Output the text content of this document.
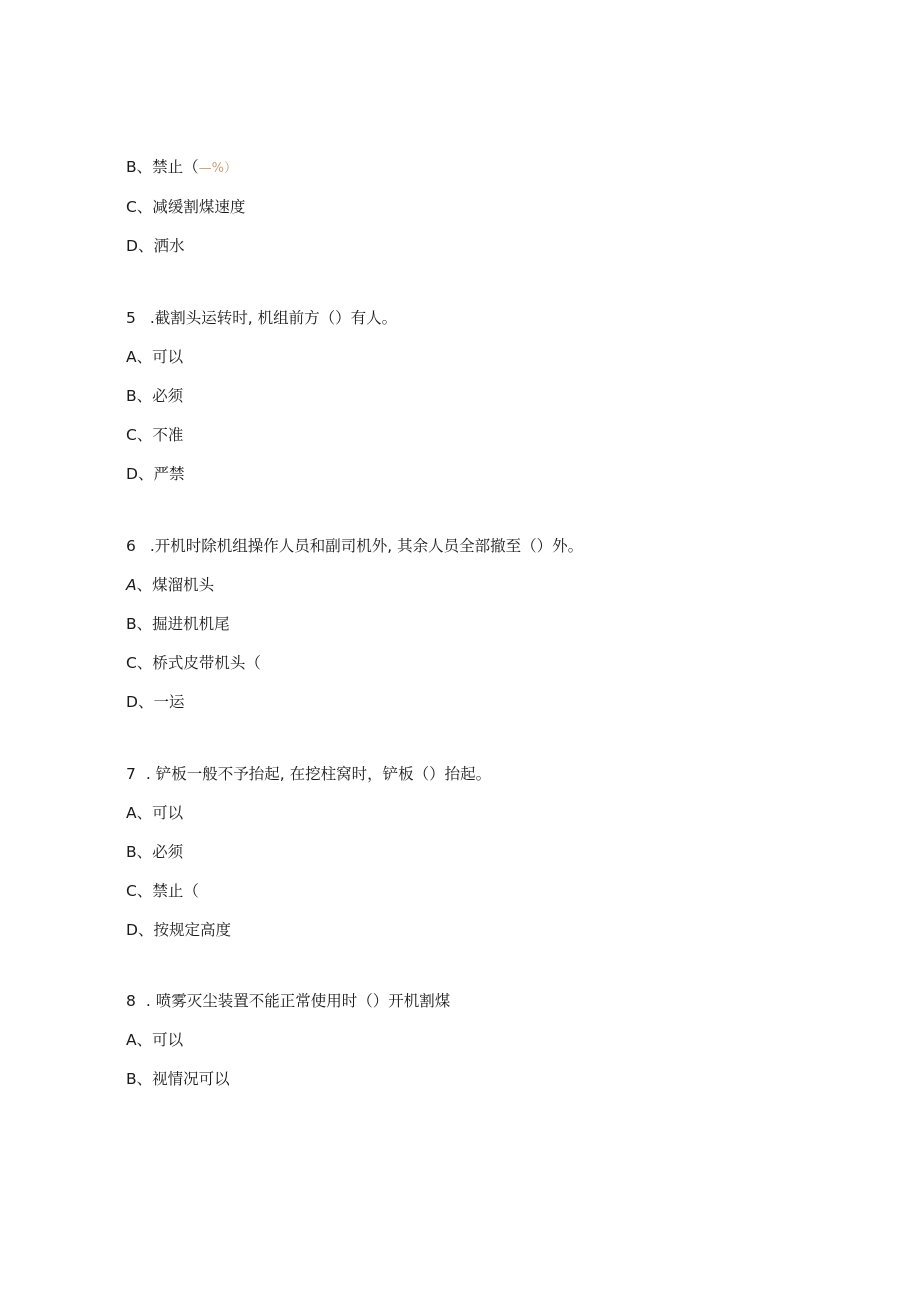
B、禁止（—%）
C、减缓割煤速度
D、洒水
5 .截割头运转时, 机组前方（）有人。
A、可以
B、必须
C、不准
D、严禁
6 .开机时除机组操作人员和副司机外, 其余人员全部撤至（）外。
A、煤溜机头
B、掘进机机尾
C、桥式皮带机头（
D、一运
7 . 铲板一般不予抬起, 在挖柱窝时，铲板（）抬起。
A、可以
B、必须
C、禁止（
D、按规定高度
8 . 喷雾灭尘装置不能正常使用时（）开机割煤
A、可以
B、视情况可以
